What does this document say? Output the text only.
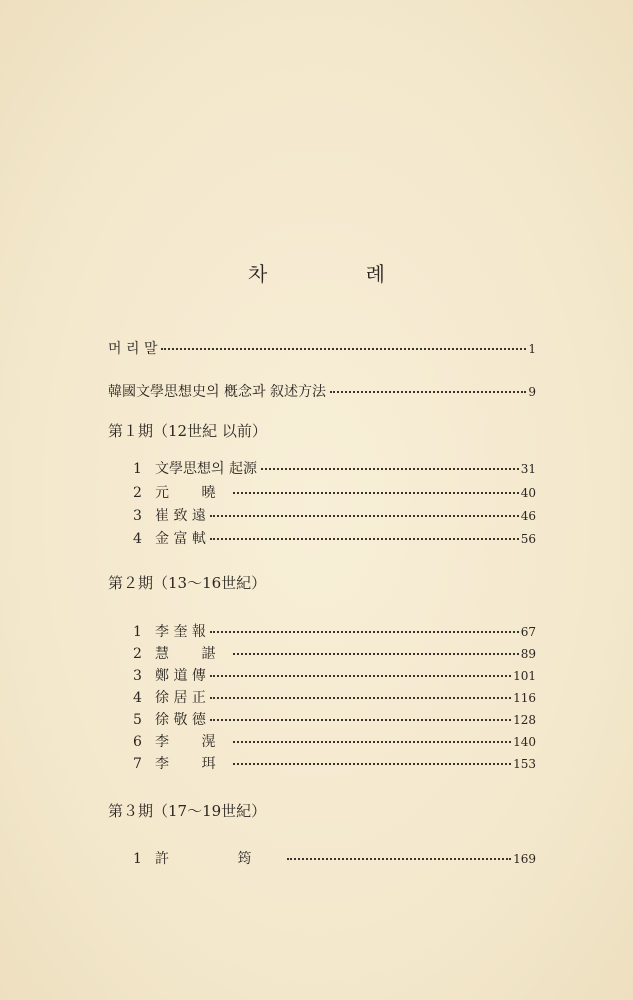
차 례
머 리 말	1
韓國文學思想史의 槪念과 叙述方法	9
第１期（12世紀 以前）
1 文學思想의 起源	31
2 元 曉	40
3 崔 致 遠	46
4 金 富 軾	56
第２期（13～16世紀）
1 李 奎 報	67
2 慧 諶	89
3 鄭 道 傳	101
4 徐 居 正	116
5 徐 敬 德	128
6 李 滉	140
7 李 珥	153
第３期（17～19世紀）
1 許 筠	169
